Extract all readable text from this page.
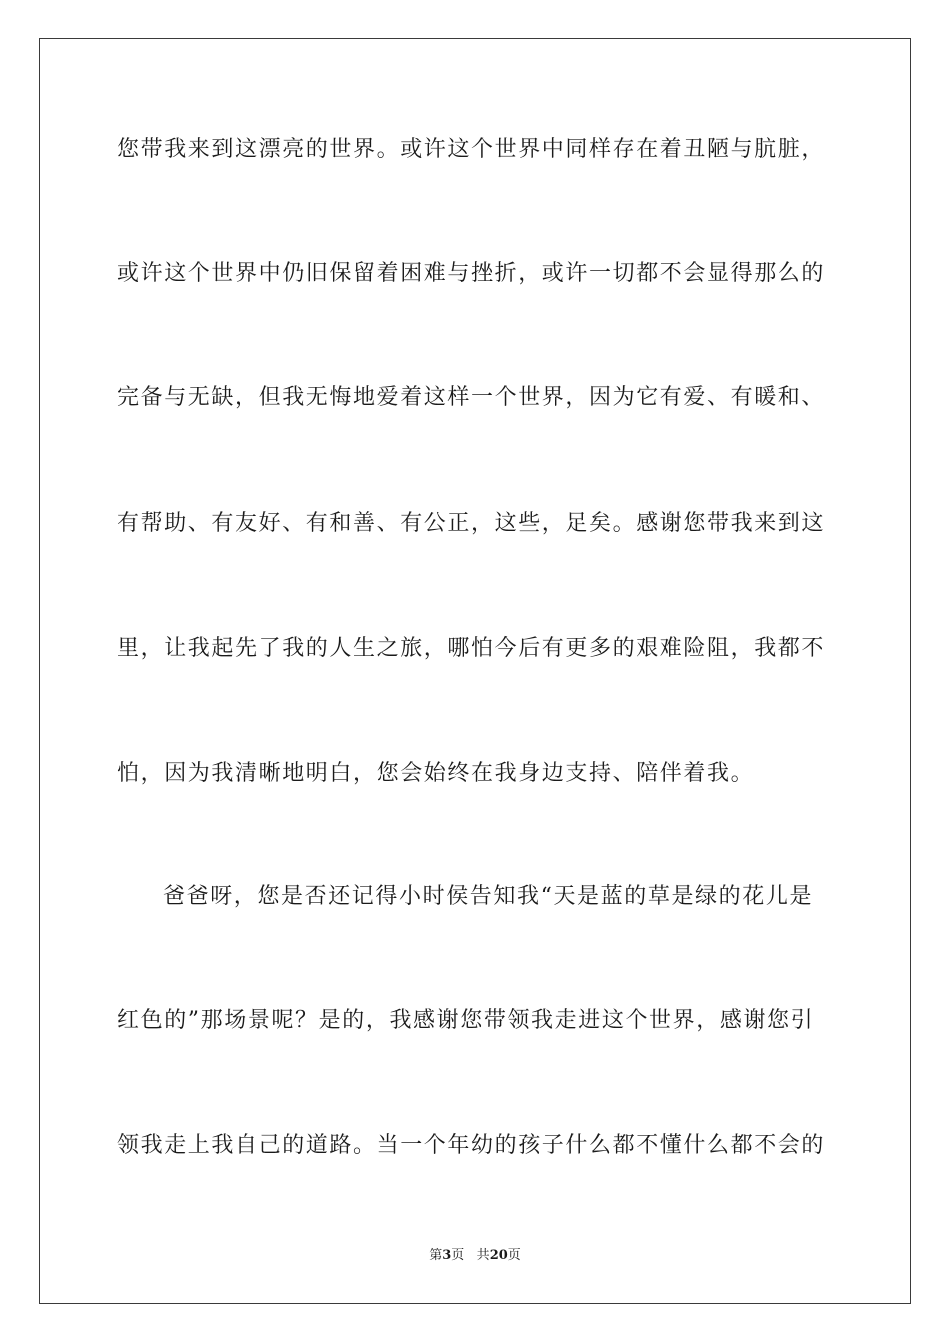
您带我来到这漂亮的世界。或许这个世界中同样存在着丑陋与肮脏，
或许这个世界中仍旧保留着困难与挫折，或许一切都不会显得那么的
完备与无缺，但我无悔地爱着这样一个世界，因为它有爱、有暖和、
有帮助、有友好、有和善、有公正，这些，足矣。感谢您带我来到这
里，让我起先了我的人生之旅，哪怕今后有更多的艰难险阻，我都不
怕，因为我清晰地明白，您会始终在我身边支持、陪伴着我。
爸爸呀，您是否还记得小时侯告知我“天是蓝的草是绿的花儿是
红色的”那场景呢？是的，我感谢您带领我走进这个世界，感谢您引
领我走上我自己的道路。当一个年幼的孩子什么都不懂什么都不会的
第3页 共20页
